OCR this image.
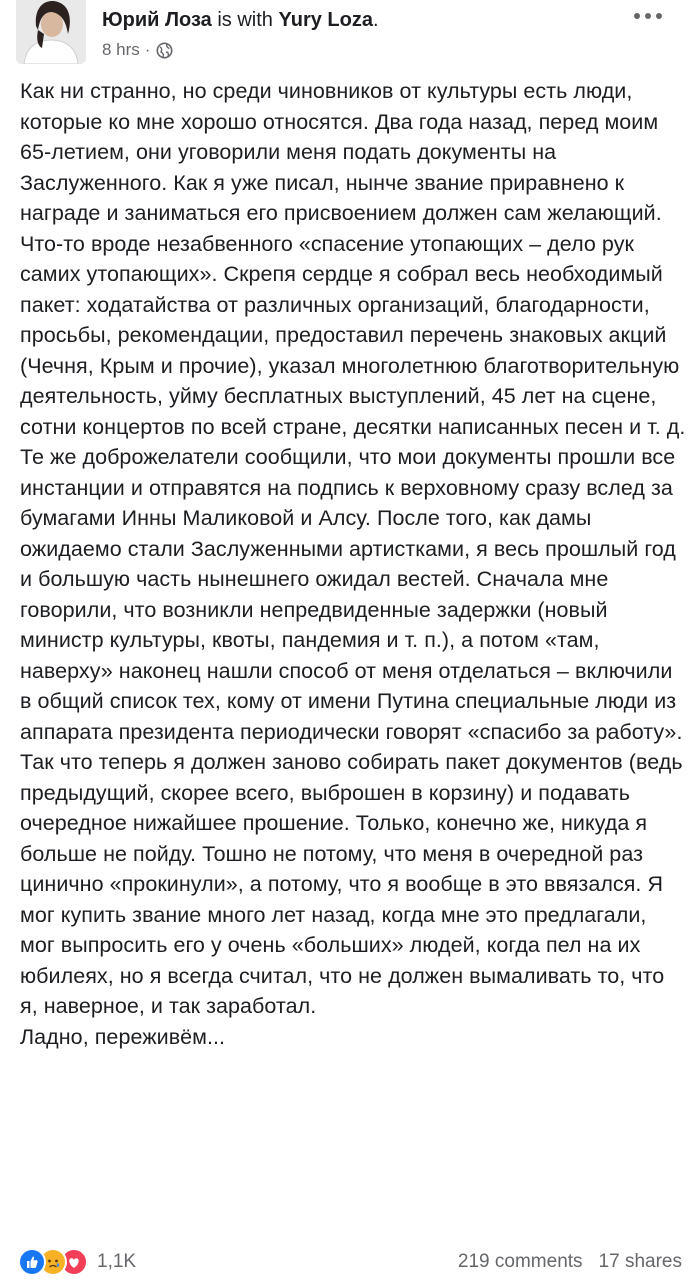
Юрий Лоза is with Yury Loza.
8 hrs ·

Как ни странно, но среди чиновников от культуры есть люди, которые ко мне хорошо относятся. Два года назад, перед моим 65-летием, они уговорили меня подать документы на Заслуженного. Как я уже писал, нынче звание приравнено к награде и заниматься его присвоением должен сам желающий. Что-то вроде незабвенного «спасение утопающих – дело рук самих утопающих». Скрепя сердце я собрал весь необходимый пакет: ходатайства от различных организаций, благодарности, просьбы, рекомендации, предоставил перечень знаковых акций (Чечня, Крым и прочие), указал многолетнюю благотворительную деятельность, уйму бесплатных выступлений, 45 лет на сцене, сотни концертов по всей стране, десятки написанных песен и т. д. Те же доброжелатели сообщили, что мои документы прошли все инстанции и отправятся на подпись к верховному сразу вслед за бумагами Инны Маликовой и Алсу. После того, как дамы ожидаемо стали Заслуженными артистками, я весь прошлый год и большую часть нынешнего ожидал вестей. Сначала мне говорили, что возникли непредвиденные задержки (новый министр культуры, квоты, пандемия и т. п.), а потом «там, наверху» наконец нашли способ от меня отделаться – включили в общий список тех, кому от имени Путина специальные люди из аппарата президента периодически говорят «спасибо за работу». Так что теперь я должен заново собирать пакет документов (ведь предыдущий, скорее всего, выброшен в корзину) и подавать очередное нижайшее прошение. Только, конечно же, никуда я больше не пойду. Тошно не потому, что меня в очередной раз цинично «прокинули», а потому, что я вообще в это ввязался. Я мог купить звание много лет назад, когда мне это предлагали, мог выпросить его у очень «больших» людей, когда пел на их юбилеях, но я всегда считал, что не должен вымаливать то, что я, наверное, и так заработал.

Ладно, переживём...

1,1K	219 comments 17 shares
